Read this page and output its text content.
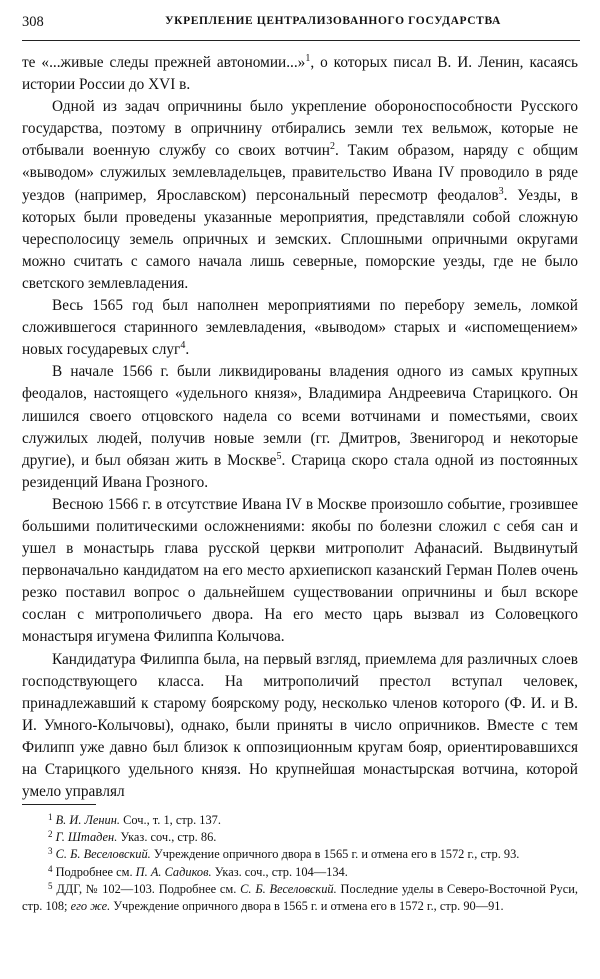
308	УКРЕПЛЕНИЕ ЦЕНТРАЛИЗОВАННОГО ГОСУДАРСТВА

те «...живые следы прежней автономии...»$^1$, о которых писал В. И. Ленин, касаясь истории России до XVI в.

Одной из задач опричнины было укрепление обороноспособности Русского государства, поэтому в опричнину отбирались земли тех вельмож, которые не отбывали военную службу со своих вотчин$^2$. Таким образом, наряду с общим «выводом» служилых землевладельцев, правительство Ивана IV проводило в ряде уездов (например, Ярославском) персональный пересмотр феодалов$^3$. Уезды, в которых были проведены указанные мероприятия, представляли собой сложную чересполосицу земель опричных и земских. Сплошными опричными округами можно считать с самого начала лишь северные, поморские уезды, где не было светского землевладения.

Весь 1565 год был наполнен мероприятиями по перебору земель, ломкой сложившегося старинного землевладения, «выводом» старых и «испомещением» новых государевых слуг$^4$.

В начале 1566 г. были ликвидированы владения одного из самых крупных феодалов, настоящего «удельного князя», Владимира Андреевича Старицкого. Он лишился своего отцовского надела со всеми вотчинами и поместьями, своих служилых людей, получив новые земли (гг. Дмитров, Звенигород и некоторые другие), и был обязан жить в Москве$^5$. Старица скоро стала одной из постоянных резиденций Ивана Грозного.

Весною 1566 г. в отсутствие Ивана IV в Москве произошло событие, грозившее большими политическими осложнениями: якобы по болезни сложил с себя сан и ушел в монастырь глава русской церкви митрополит Афанасий. Выдвинутый первоначально кандидатом на его место архиепископ казанский Герман Полев очень резко поставил вопрос о дальнейшем существовании опричнины и был вскоре сослан с митрополичьего двора. На его место царь вызвал из Соловецкого монастыря игумена Филиппа Колычова.

Кандидатура Филиппа была, на первый взгляд, приемлема для различных слоев господствующего класса. На митрополичий престол вступал человек, принадлежавший к старому боярскому роду, несколько членов которого (Ф. И. и В. И. Умного-Колычовы), однако, были приняты в число опричников. Вместе с тем Филипп уже давно был близок к оппозиционным кругам бояр, ориентировавшихся на Старицкого удельного князя. Но крупнейшая монастырская вотчина, которой умело управлял

$^1$ В. И. Ленин. Соч., т. 1, стр. 137.

$^2$ Г. Штаден. Указ. соч., стр. 86.

$^3$ С. Б. Веселовский. Учреждение опричного двора в 1565 г. и отмена его в 1572 г., стр. 93.

$^4$ Подробнее см. П. А. Садиков. Указ. соч., стр. 104—134.

$^5$ ДДГ, № 102—103. Подробнее см. С. Б. Веселовский. Последние уделы в Северо-Восточной Руси, стр. 108; его же. Учреждение опричного двора в 1565 г. и отмена его в 1572 г., стр. 90—91.
